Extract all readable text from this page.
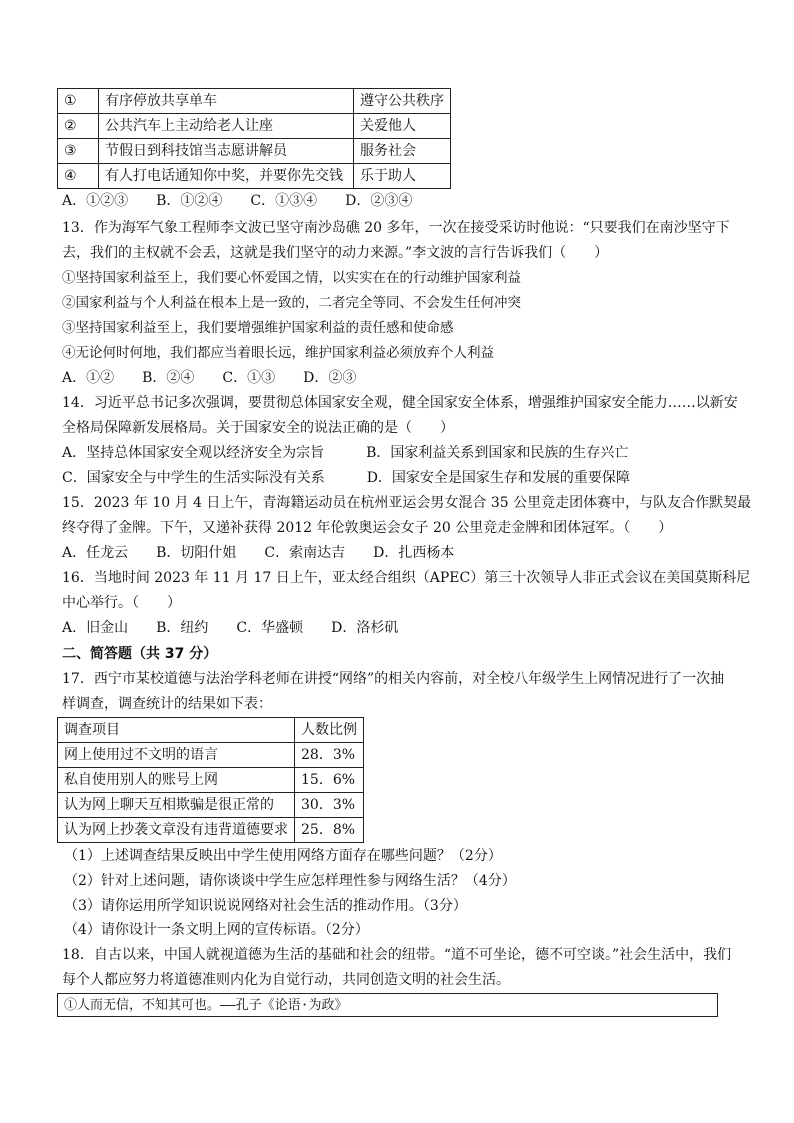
①	有序停放共享单车	遵守公共秩序
②	公共汽车上主动给老人让座	关爱他人
③	节假日到科技馆当志愿讲解员	服务社会
④	有人打电话通知你中奖，并要你先交钱	乐于助人
A．①②③　　B．①②④　　C．①③④　　D．②③④
13．作为海军气象工程师李文波已坚守南沙岛礁 20 多年，一次在接受采访时他说：“只要我们在南沙坚守下
去，我们的主权就不会丢，这就是我们坚守的动力来源。”李文波的言行告诉我们（　　）
①坚持国家利益至上，我们要心怀爱国之情，以实实在在的行动维护国家利益
②国家利益与个人利益在根本上是一致的，二者完全等同、不会发生任何冲突
③坚持国家利益至上，我们要增强维护国家利益的责任感和使命感
④无论何时何地，我们都应当着眼长远，维护国家利益必须放弃个人利益
A．①②　　B．②④　　C．①③　　D．②③
14．习近平总书记多次强调，要贯彻总体国家安全观，健全国家安全体系，增强维护国家安全能力……以新安
全格局保障新发展格局。关于国家安全的说法正确的是（　　）
A．坚持总体国家安全观以经济安全为宗旨　　　B．国家利益关系到国家和民族的生存兴亡
C．国家安全与中学生的生活实际没有关系　　　D．国家安全是国家生存和发展的重要保障
15．2023 年 10 月 4 日上午，青海籍运动员在杭州亚运会男女混合 35 公里竞走团体赛中，与队友合作默契最
终夺得了金牌。下午，又递补获得 2012 年伦敦奥运会女子 20 公里竞走金牌和团体冠军。（　　）
A．任龙云　　B．切阳什姐　　C．索南达吉　　D．扎西杨本
16．当地时间 2023 年 11 月 17 日上午，亚太经合组织（APEC）第三十次领导人非正式会议在美国莫斯科尼
中心举行。（　　）
A．旧金山　　B．纽约　　C．华盛顿　　D．洛杉矶
二、简答题（共 37 分）
17．西宁市某校道德与法治学科老师在讲授“网络”的相关内容前，对全校八年级学生上网情况进行了一次抽
样调查，调查统计的结果如下表：
调查项目	人数比例
网上使用过不文明的语言	28．3%
私自使用别人的账号上网	15．6%
认为网上聊天互相欺骗是很正常的	30．3%
认为网上抄袭文章没有违背道德要求	25．8%
（1）上述调查结果反映出中学生使用网络方面存在哪些问题？（2分）
（2）针对上述问题，请你谈谈中学生应怎样理性参与网络生活？（4分）
（3）请你运用所学知识说说网络对社会生活的推动作用。（3分）
（4）请你设计一条文明上网的宣传标语。（2分）
18．自古以来，中国人就视道德为生活的基础和社会的纽带。“道不可坐论，德不可空谈。”社会生活中，我们
每个人都应努力将道德准则内化为自觉行动，共同创造文明的社会生活。
①人而无信，不知其可也。——孔子《论语·为政》
